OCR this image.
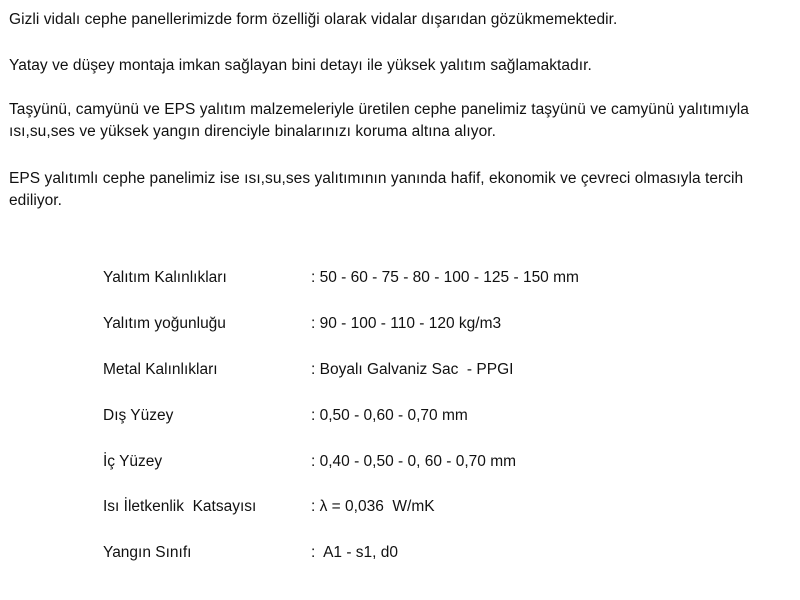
Gizli vidalı cephe panellerimizde form özelliği olarak vidalar dışarıdan gözükmemektedir.

Yatay ve düşey montaja imkan sağlayan bini detayı ile yüksek yalıtım sağlamaktadır.

Taşyünü, camyünü ve EPS yalıtım malzemeleriyle üretilen cephe panelimiz taşyünü ve camyünü yalıtımıyla ısı,su,ses ve yüksek yangın direnciyle binalarınızı koruma altına alıyor.

EPS yalıtımlı cephe panelimiz ise ısı,su,ses yalıtımının yanında hafif, ekonomik ve çevreci olmasıyla tercih ediliyor.

Yalıtım Kalınlıkları	: 50 - 60 - 75 - 80 - 100 - 125 - 150 mm
Yalıtım yoğunluğu	: 90 - 100 - 110 - 120 kg/m3
Metal Kalınlıkları	: Boyalı Galvaniz Sac  - PPGI
Dış Yüzey	: 0,50 - 0,60 - 0,70 mm
İç Yüzey	: 0,40 - 0,50 - 0, 60 - 0,70 mm
Isı İletkenlik  Katsayısı	: λ = 0,036  W/mK
Yangın Sınıfı	:  A1 - s1, d0
